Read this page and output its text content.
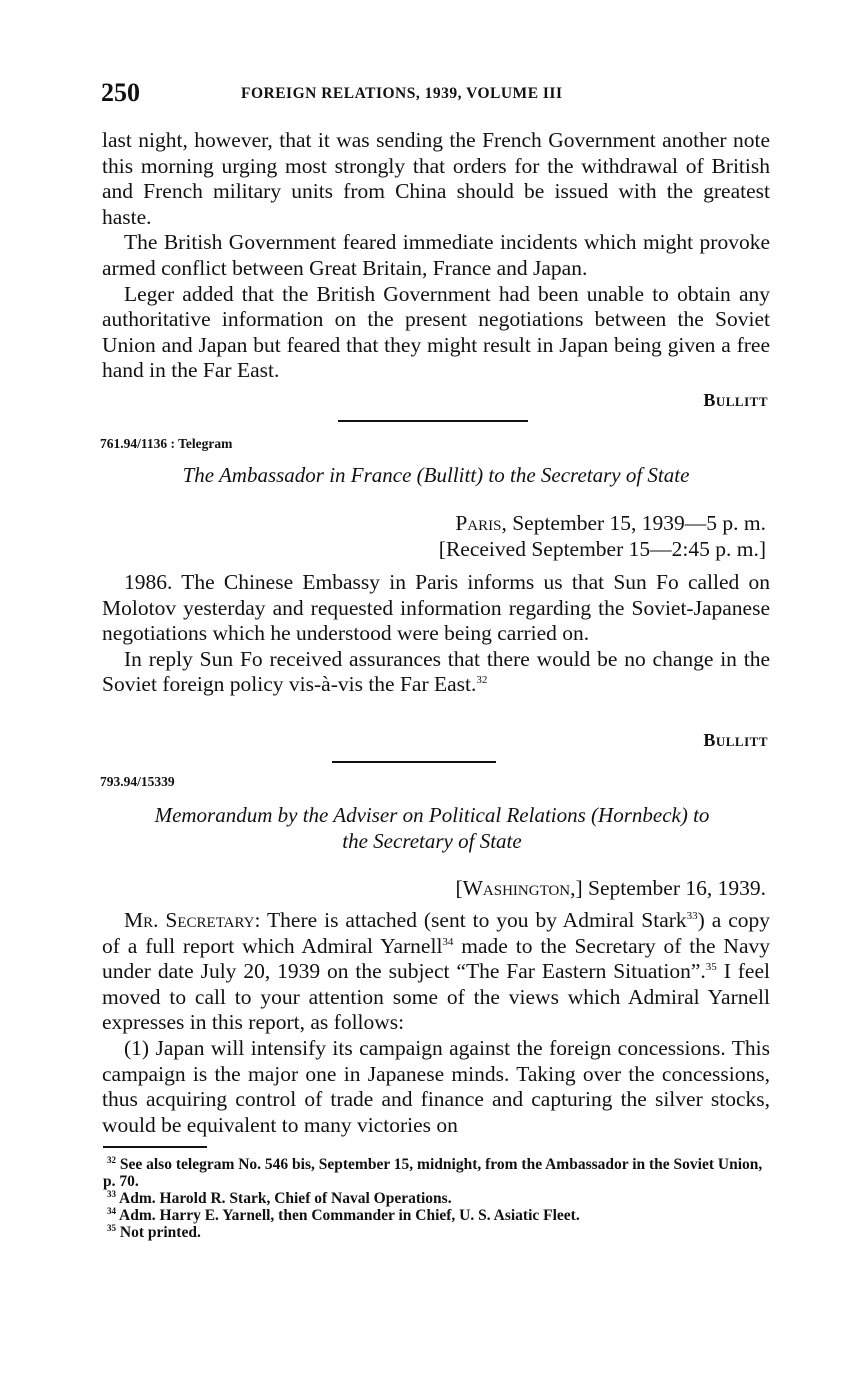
250	FOREIGN RELATIONS, 1939, VOLUME III

last night, however, that it was sending the French Government another note this morning urging most strongly that orders for the withdrawal of British and French military units from China should be issued with the greatest haste.

The British Government feared immediate incidents which might provoke armed conflict between Great Britain, France and Japan.

Leger added that the British Government had been unable to obtain any authoritative information on the present negotiations between the Soviet Union and Japan but feared that they might result in Japan being given a free hand in the Far East.

Bullitt
761.94/1136 : Telegram
The Ambassador in France (Bullitt) to the Secretary of State
Paris, September 15, 1939—5 p. m.
[Received September 15—2:45 p. m.]

1986. The Chinese Embassy in Paris informs us that Sun Fo called on Molotov yesterday and requested information regarding the Soviet-Japanese negotiations which he understood were being carried on.

In reply Sun Fo received assurances that there would be no change in the Soviet foreign policy vis-à-vis the Far East.$^{32}$

Bullitt
793.94/15339
Memorandum by the Adviser on Political Relations (Hornbeck) to
the Secretary of State
[Washington,] September 16, 1939.

Mr. Secretary: There is attached (sent to you by Admiral Stark$^{33}$) a copy of a full report which Admiral Yarnell$^{34}$ made to the Secretary of the Navy under date July 20, 1939 on the subject “The Far Eastern Situation”.$^{35}$ I feel moved to call to your attention some of the views which Admiral Yarnell expresses in this report, as follows:

(1) Japan will intensify its campaign against the foreign concessions. This campaign is the major one in Japanese minds. Taking over the concessions, thus acquiring control of trade and finance and capturing the silver stocks, would be equivalent to many victories on

$^{32}$ See also telegram No. 546 bis, September 15, midnight, from the Ambassador in the Soviet Union, p. 70.

$^{33}$ Adm. Harold R. Stark, Chief of Naval Operations.

$^{34}$ Adm. Harry E. Yarnell, then Commander in Chief, U. S. Asiatic Fleet.

$^{35}$ Not printed.
